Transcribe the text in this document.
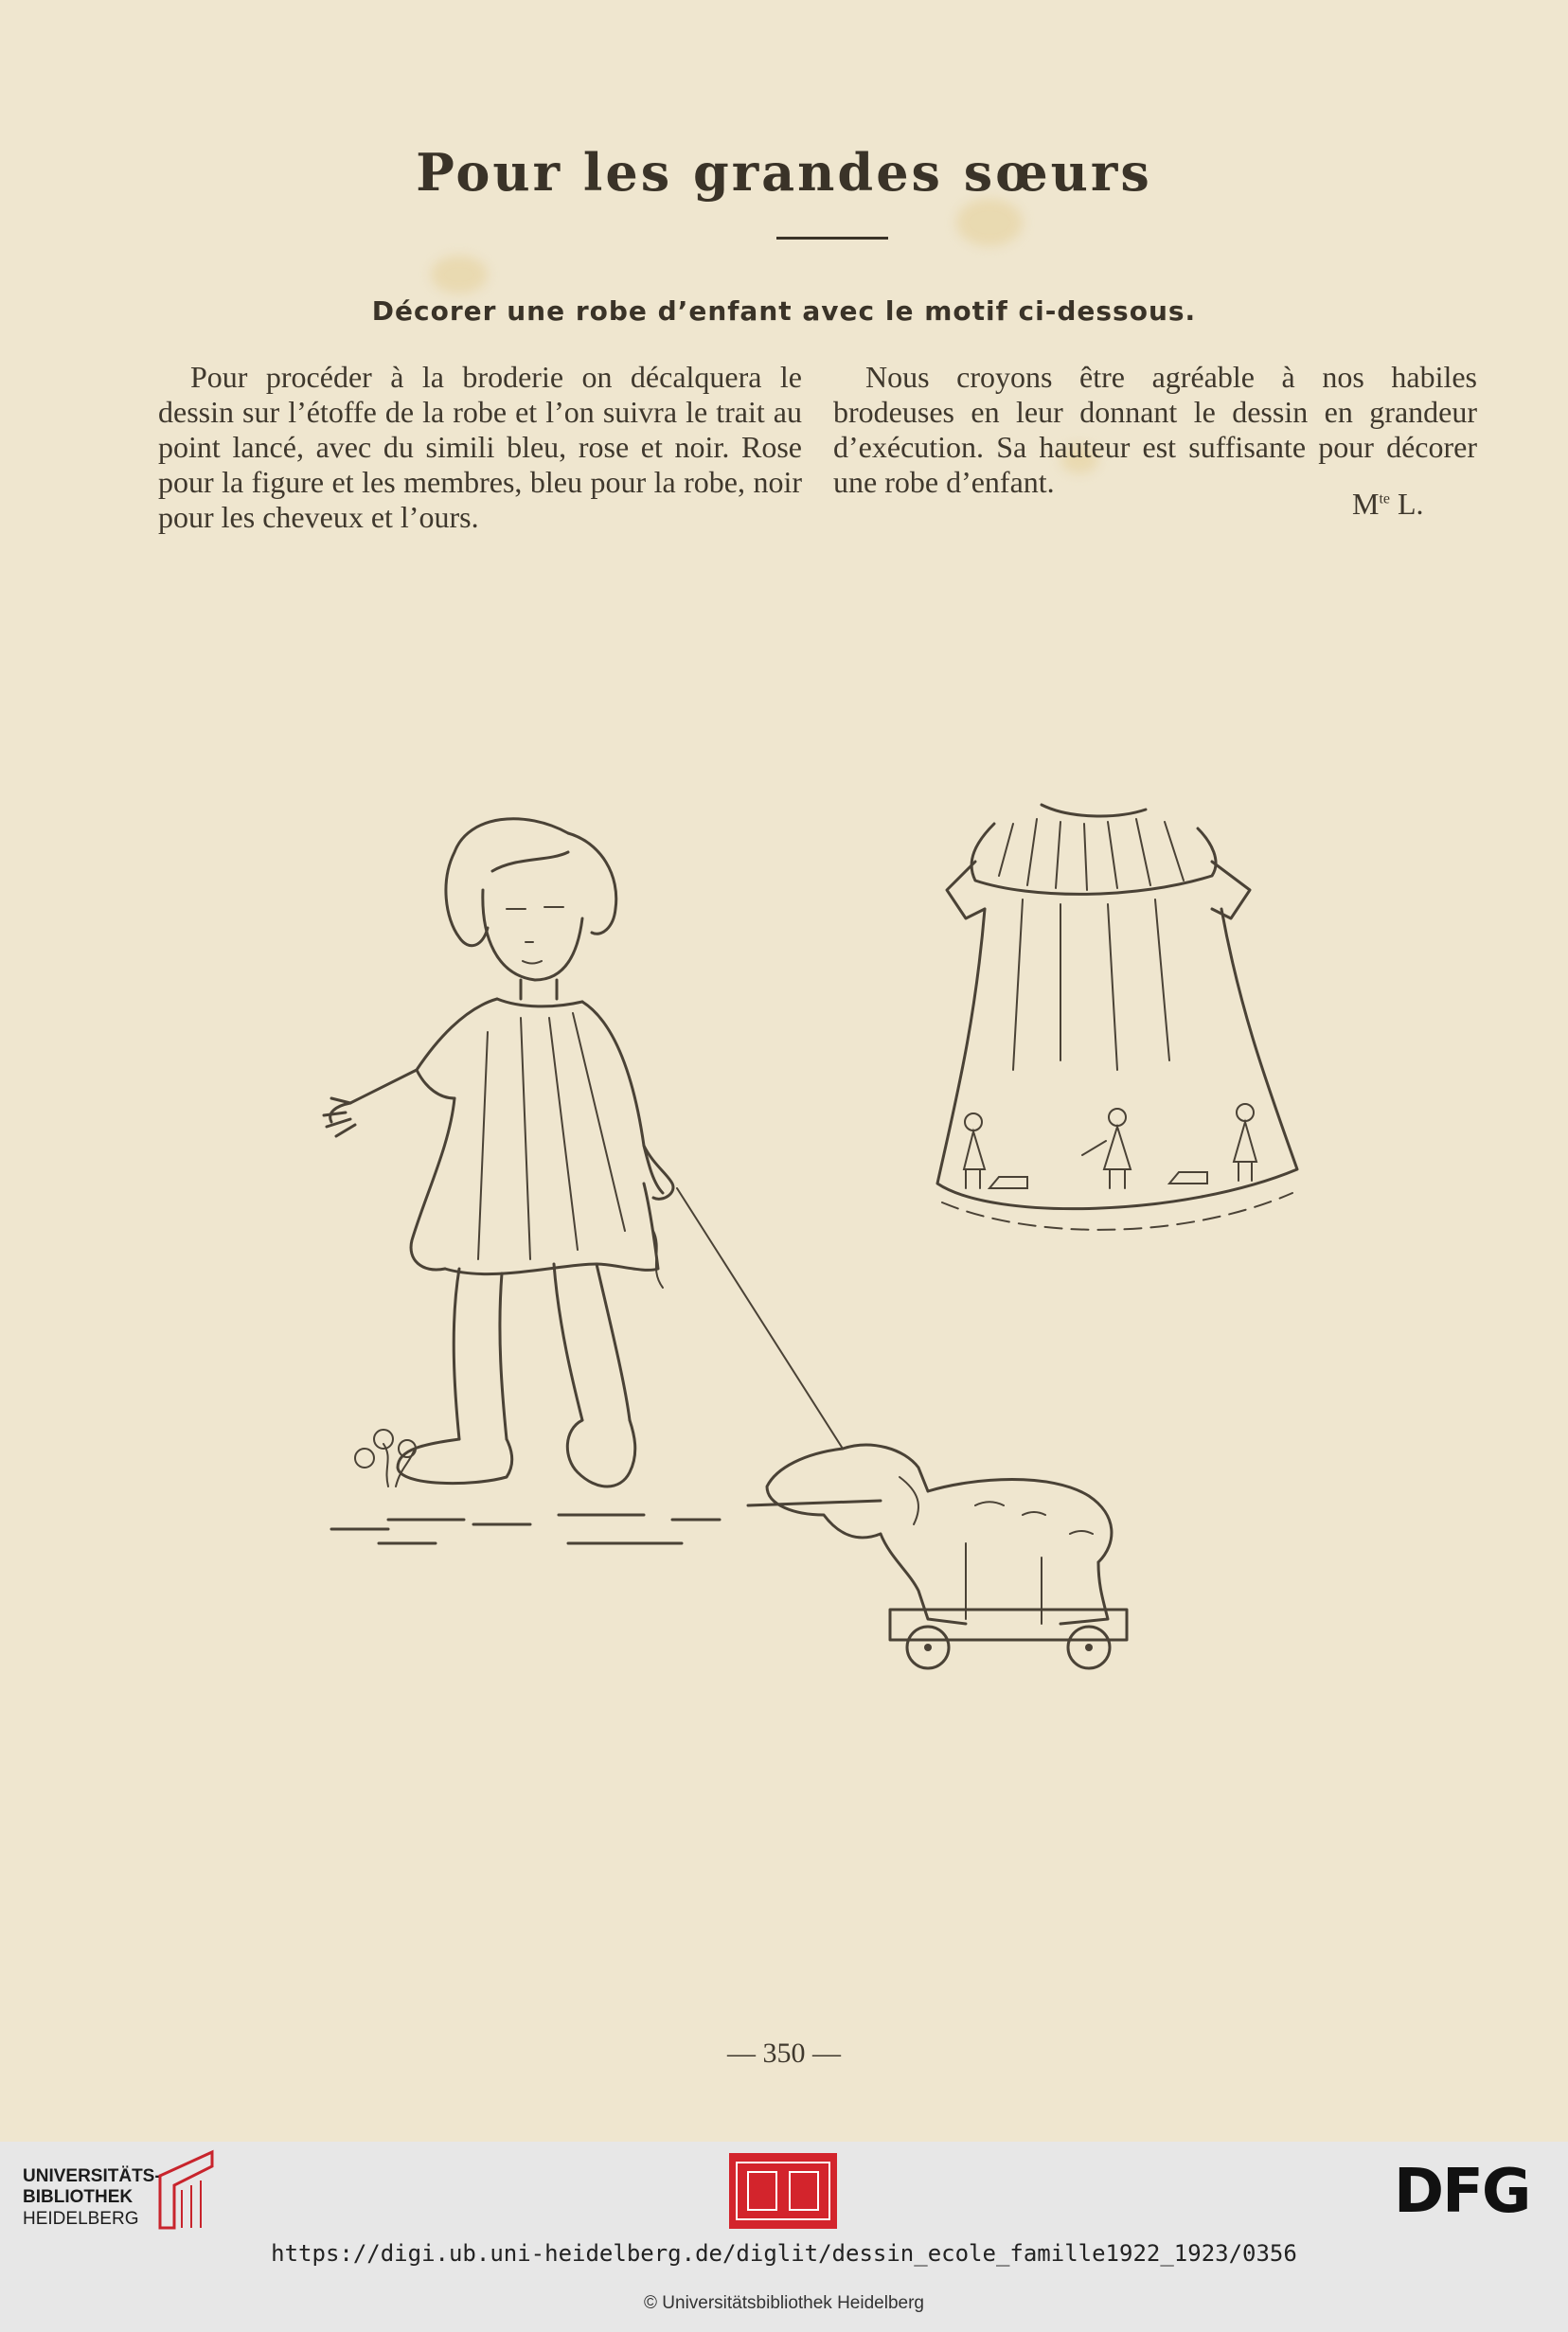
Pour les grandes sœurs
Décorer une robe d’enfant avec le motif ci-dessous.

Pour procéder à la broderie on décalquera le dessin sur l’étoffe de la robe et l’on suivra le trait au point lancé, avec du simili bleu, rose et noir. Rose pour la figure et les membres, bleu pour la robe, noir pour les cheveux et l’ours.

Nous croyons être agréable à nos habiles brodeuses en leur donnant le dessin en grandeur d’exécution. Sa hauteur est suffisante pour décorer une robe d’enfant.

$M^{te}$ L.
— 350 —
UNIVERSITÄTS-
BIBLIOTHEK
HEIDELBERG	DFG
https://digi.ub.uni-heidelberg.de/diglit/dessin_ecole_famille1922_1923/0356
© Universitätsbibliothek Heidelberg
